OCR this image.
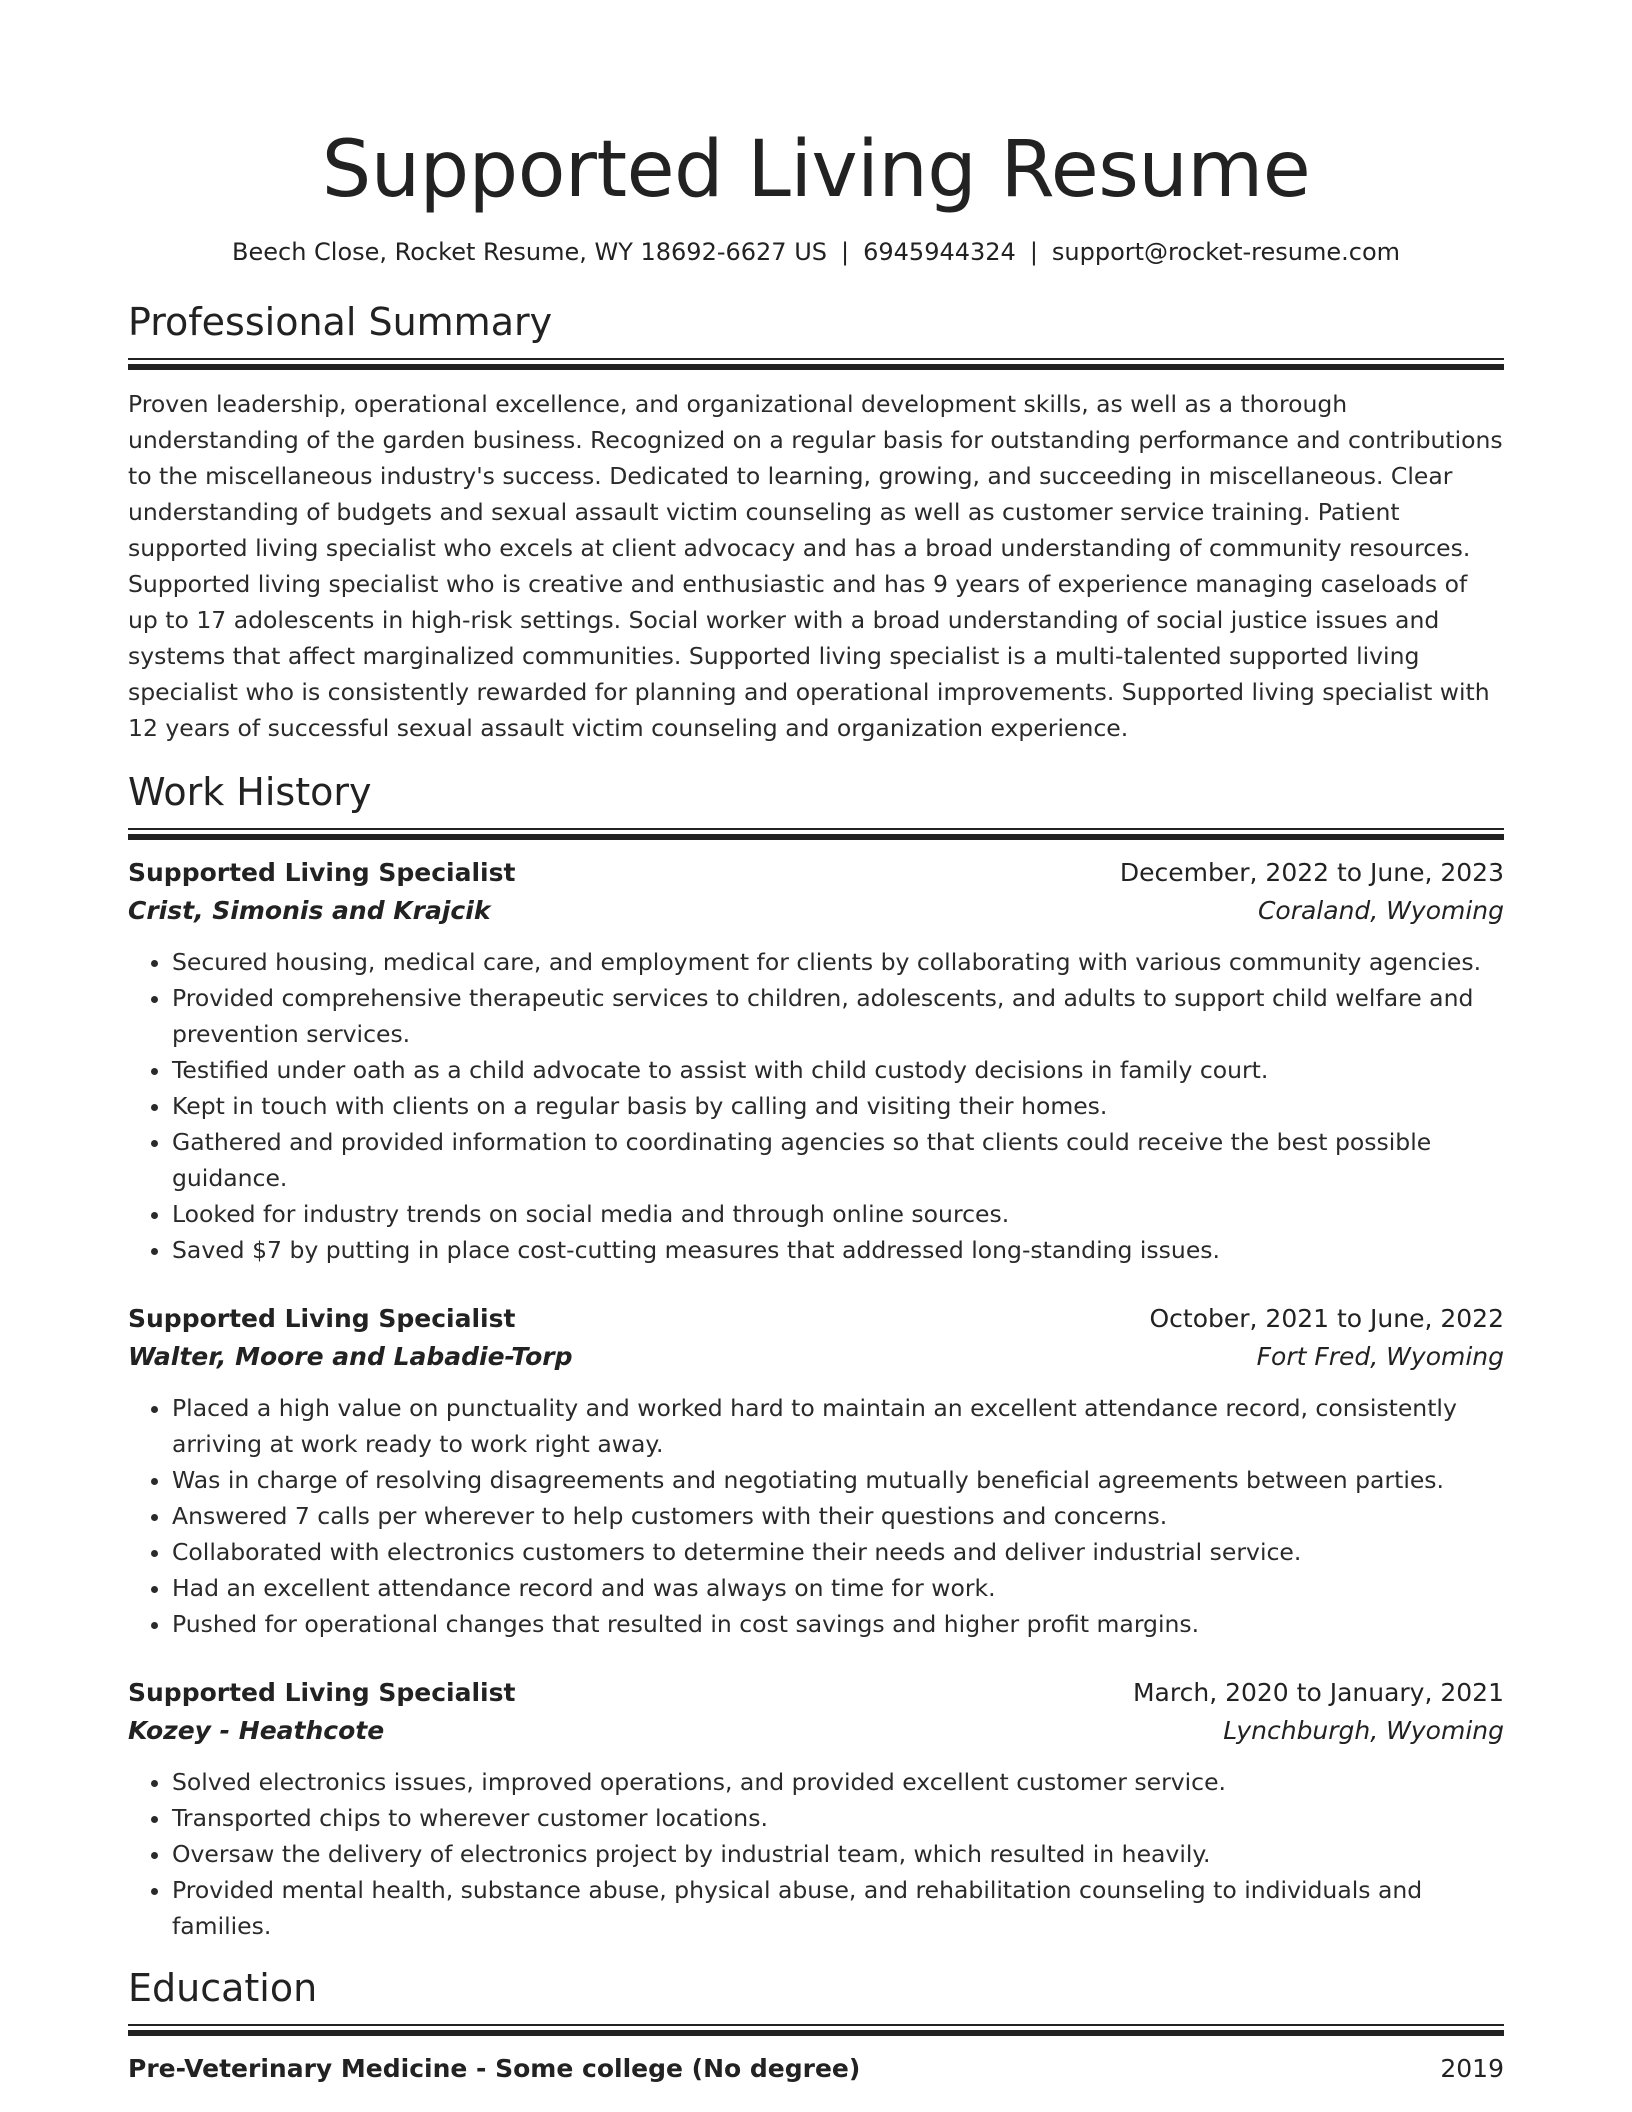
Supported Living Resume
Beech Close, Rocket Resume, WY 18692-6627 US | 6945944324 | support@rocket-resume.com
Professional Summary

Proven leadership, operational excellence, and organizational development skills, as well as a thorough understanding of the garden business. Recognized on a regular basis for outstanding performance and contributions to the miscellaneous industry's success. Dedicated to learning, growing, and succeeding in miscellaneous. Clear understanding of budgets and sexual assault victim counseling as well as customer service training. Patient supported living specialist who excels at client advocacy and has a broad understanding of community resources. Supported living specialist who is creative and enthusiastic and has 9 years of experience managing caseloads of up to 17 adolescents in high-risk settings. Social worker with a broad understanding of social justice issues and systems that affect marginalized communities. Supported living specialist is a multi-talented supported living specialist who is consistently rewarded for planning and operational improvements. Supported living specialist with 12 years of successful sexual assault victim counseling and organization experience.

Work History
Supported Living Specialist	December, 2022 to June, 2023
Crist, Simonis and Krajcik	Coraland, Wyoming
• Secured housing, medical care, and employment for clients by collaborating with various community agencies.
• Provided comprehensive therapeutic services to children, adolescents, and adults to support child welfare and prevention services.
• Testified under oath as a child advocate to assist with child custody decisions in family court.
• Kept in touch with clients on a regular basis by calling and visiting their homes.
• Gathered and provided information to coordinating agencies so that clients could receive the best possible guidance.
• Looked for industry trends on social media and through online sources.
• Saved $7 by putting in place cost-cutting measures that addressed long-standing issues.
Supported Living Specialist	October, 2021 to June, 2022
Walter, Moore and Labadie-Torp	Fort Fred, Wyoming
• Placed a high value on punctuality and worked hard to maintain an excellent attendance record, consistently arriving at work ready to work right away.
• Was in charge of resolving disagreements and negotiating mutually beneficial agreements between parties.
• Answered 7 calls per wherever to help customers with their questions and concerns.
• Collaborated with electronics customers to determine their needs and deliver industrial service.
• Had an excellent attendance record and was always on time for work.
• Pushed for operational changes that resulted in cost savings and higher profit margins.
Supported Living Specialist	March, 2020 to January, 2021
Kozey - Heathcote	Lynchburgh, Wyoming
• Solved electronics issues, improved operations, and provided excellent customer service.
• Transported chips to wherever customer locations.
• Oversaw the delivery of electronics project by industrial team, which resulted in heavily.
• Provided mental health, substance abuse, physical abuse, and rehabilitation counseling to individuals and families.
Education
Pre-Veterinary Medicine - Some college (No degree)	2019
